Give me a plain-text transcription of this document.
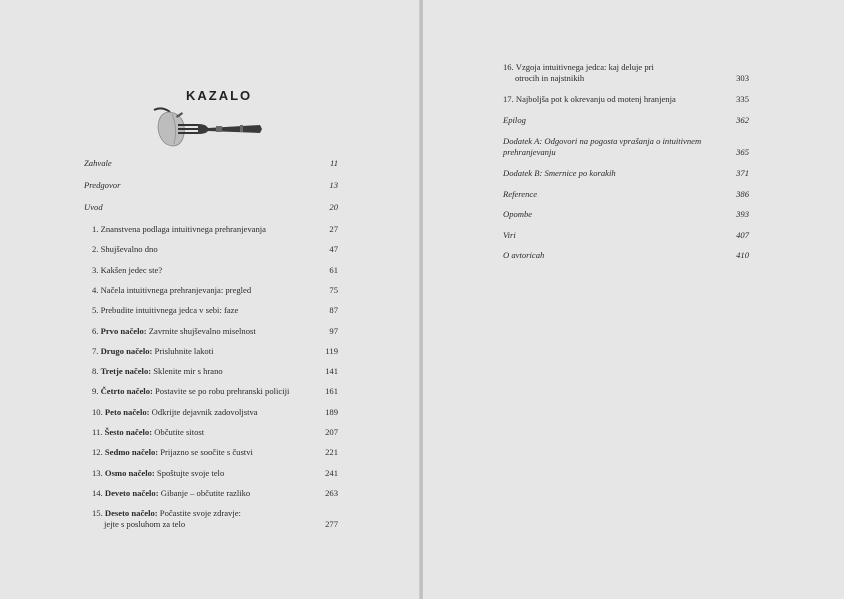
KAZALO
Zahvale	11
Predgovor	13
Uvod	20
1. Znanstvena podlaga intuitivnega prehranjevanja	27
2. Shujševalno dno	47
3. Kakšen jedec ste?	61
4. Načela intuitivnega prehranjevanja: pregled	75
5. Prebudite intuitivnega jedca v sebi: faze	87
6. Prvo načelo: Zavrnite shujševalno miselnost	97
7. Drugo načelo: Prisluhnite lakoti	119
8. Tretje načelo: Sklenite mir s hrano	141
9. Četrto načelo: Postavite se po robu prehranski policiji	161
10. Peto načelo: Odkrijte dejavnik zadovoljstva	189
11. Šesto načelo: Občutite sitost	207
12. Sedmo načelo: Prijazno se soočite s čustvi	221
13. Osmo načelo: Spoštujte svoje telo	241
14. Deveto načelo: Gibanje – občutite razliko	263
15. Deseto načelo: Počastite svoje zdravje:
jejte s posluhom za telo	277
16. Vzgoja intuitivnega jedca: kaj deluje pri
otrocih in najstnikih	303
17. Najboljša pot k okrevanju od motenj hranjenja	335
Epilog	362
Dodatek A: Odgovori na pogosta vprašanja o intuitivnem
prehranjevanju	365
Dodatek B: Smernice po korakih	371
Reference	386
Opombe	393
Viri	407
O avtoricah	410
